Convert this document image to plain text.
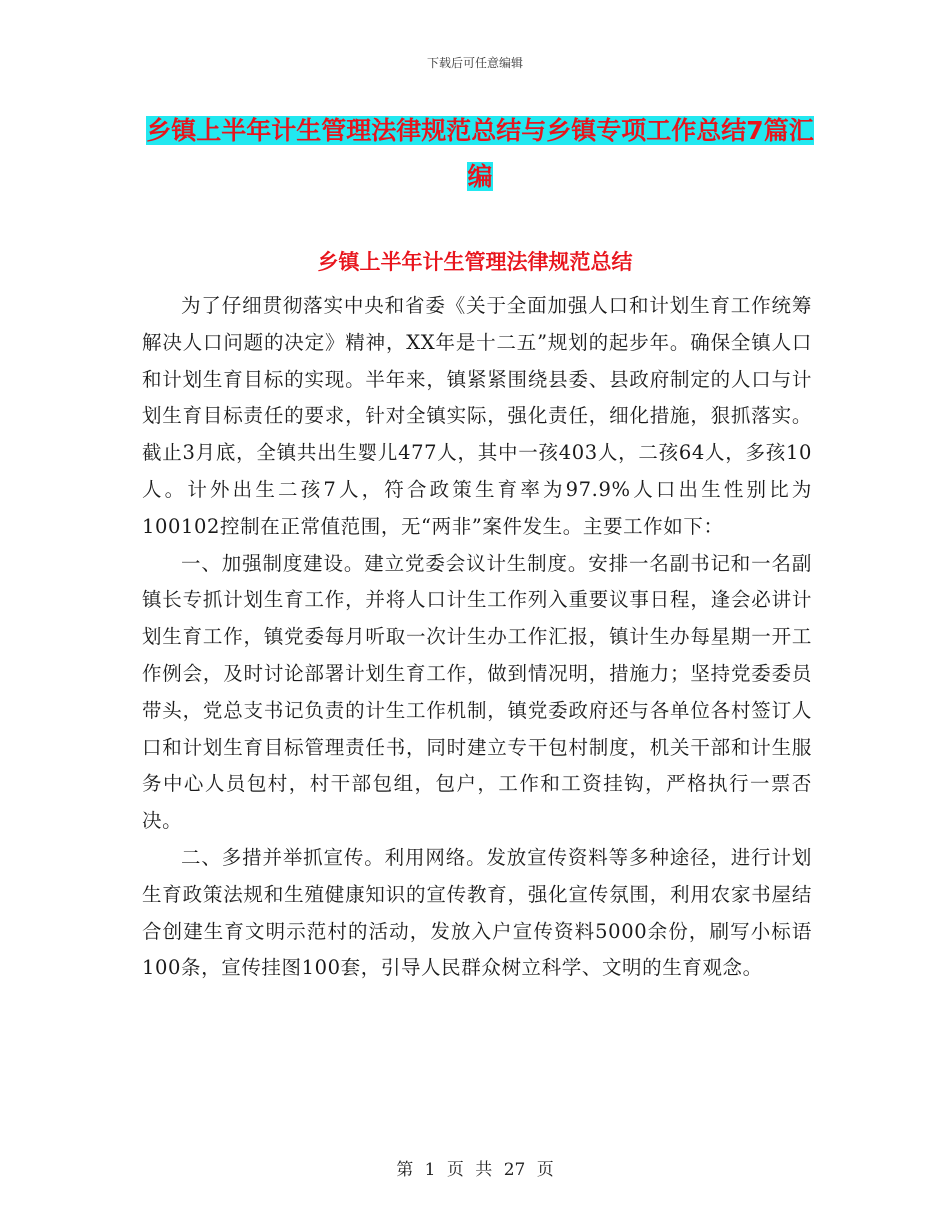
下载后可任意编辑
乡镇上半年计生管理法律规范总结与乡镇专项工作总结7篇汇编
乡镇上半年计生管理法律规范总结

为了仔细贯彻落实中央和省委《关于全面加强人口和计划生育工作统筹解决人口问题的决定》精神，XX年是十二五”规划的起步年。确保全镇人口和计划生育目标的实现。半年来，镇紧紧围绕县委、县政府制定的人口与计划生育目标责任的要求，针对全镇实际，强化责任，细化措施，狠抓落实。截止3月底，全镇共出生婴儿477人，其中一孩403人，二孩64人，多孩10人。计外出生二孩7人，符合政策生育率为97.9%人口出生性别比为100102控制在正常值范围，无“两非”案件发生。主要工作如下：

一、加强制度建设。建立党委会议计生制度。安排一名副书记和一名副镇长专抓计划生育工作，并将人口计生工作列入重要议事日程，逢会必讲计划生育工作，镇党委每月听取一次计生办工作汇报，镇计生办每星期一开工作例会，及时讨论部署计划生育工作，做到情况明，措施力；坚持党委委员带头，党总支书记负责的计生工作机制，镇党委政府还与各单位各村签订人口和计划生育目标管理责任书，同时建立专干包村制度，机关干部和计生服务中心人员包村，村干部包组，包户，工作和工资挂钩，严格执行一票否决。

二、多措并举抓宣传。利用网络。发放宣传资料等多种途径，进行计划生育政策法规和生殖健康知识的宣传教育，强化宣传氛围，利用农家书屋结合创建生育文明示范村的活动，发放入户宣传资料5000余份，刷写小标语100条，宣传挂图100套，引导人民群众树立科学、文明的生育观念。

第 1 页 共 27 页
